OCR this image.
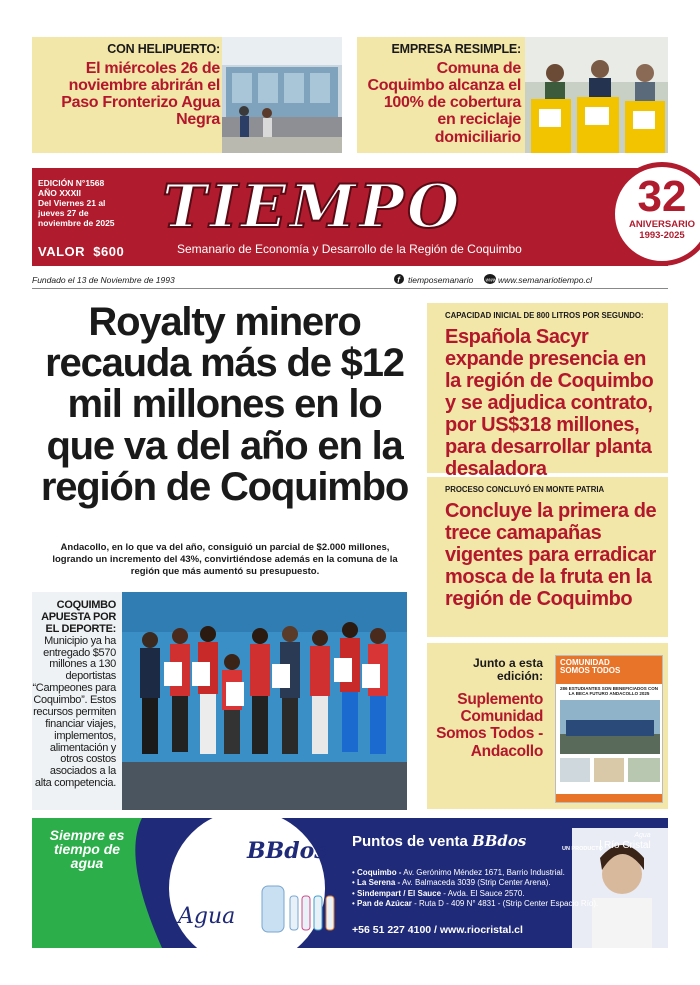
CON HELIPUERTO:
El miércoles 26 de noviembre abrirán el Paso Fronterizo Agua Negra
EMPRESA RESIMPLE:
Comuna de Coquimbo alcanza el 100% de cobertura en reciclaje domiciliario
EDICIÓN N°1568
AÑO XXXII
Del Viernes 21 al jueves 27 de noviembre de 2025
VALOR $600
TIEMPO
Semanario de Economía y Desarrollo de la Región de Coquimbo
32
ANIVERSARIO
1993-2025
Fundado el 13 de Noviembre de 1993	f tiemposemanario www www.semanariotiempo.cl
Royalty minero recauda más de $12 mil millones en lo que va del año en la región de Coquimbo
Andacollo, en lo que va del año, consiguió un parcial de $2.000 millones, logrando un incremento del 43%, convirtiéndose además en la comuna de la región que más aumentó su presupuesto.
CAPACIDAD INICIAL DE 800 LITROS POR SEGUNDO:
Española Sacyr expande presencia en la región de Coquimbo y se adjudica contrato, por US$318 millones, para desarrollar planta desaladora
PROCESO CONCLUYÓ EN MONTE PATRIA
Concluye la primera de trece camapañas vigentes para erradicar mosca de la fruta en la región de Coquimbo
COQUIMBO APUESTA POR EL DEPORTE:
Municipio ya ha entregado $570 millones a 130 deportistas “Campeones para Coquimbo”. Estos recursos permiten financiar viajes, implementos, alimentación y otros costos asociados a la alta competencia.
Junto a esta edición:
Suplemento Comunidad Somos Todos - Andacollo
COMUNIDAD SOMOS TODOS
286 ESTUDIANTES SON BENEFICIADOS CON LA BECA FUTURO ANDACOLLO 2025
Siempre es tiempo de agua	BBdos
Agua
Puntos de venta BBdos	UN PRODUCTO
Agua
Río Cristal
• Coquimbo - Av. Gerónimo Méndez 1671, Barrio Industrial.
• La Serena - Av. Balmaceda 3039 (Strip Center Arena).
• Sindempart / El Sauce - Avda. El Sauce 2570.
• Pan de Azúcar - Ruta D - 409 N° 4831 - (Strip Center Espacio Río).
+56 51 227 4100 / www.riocristal.cl
